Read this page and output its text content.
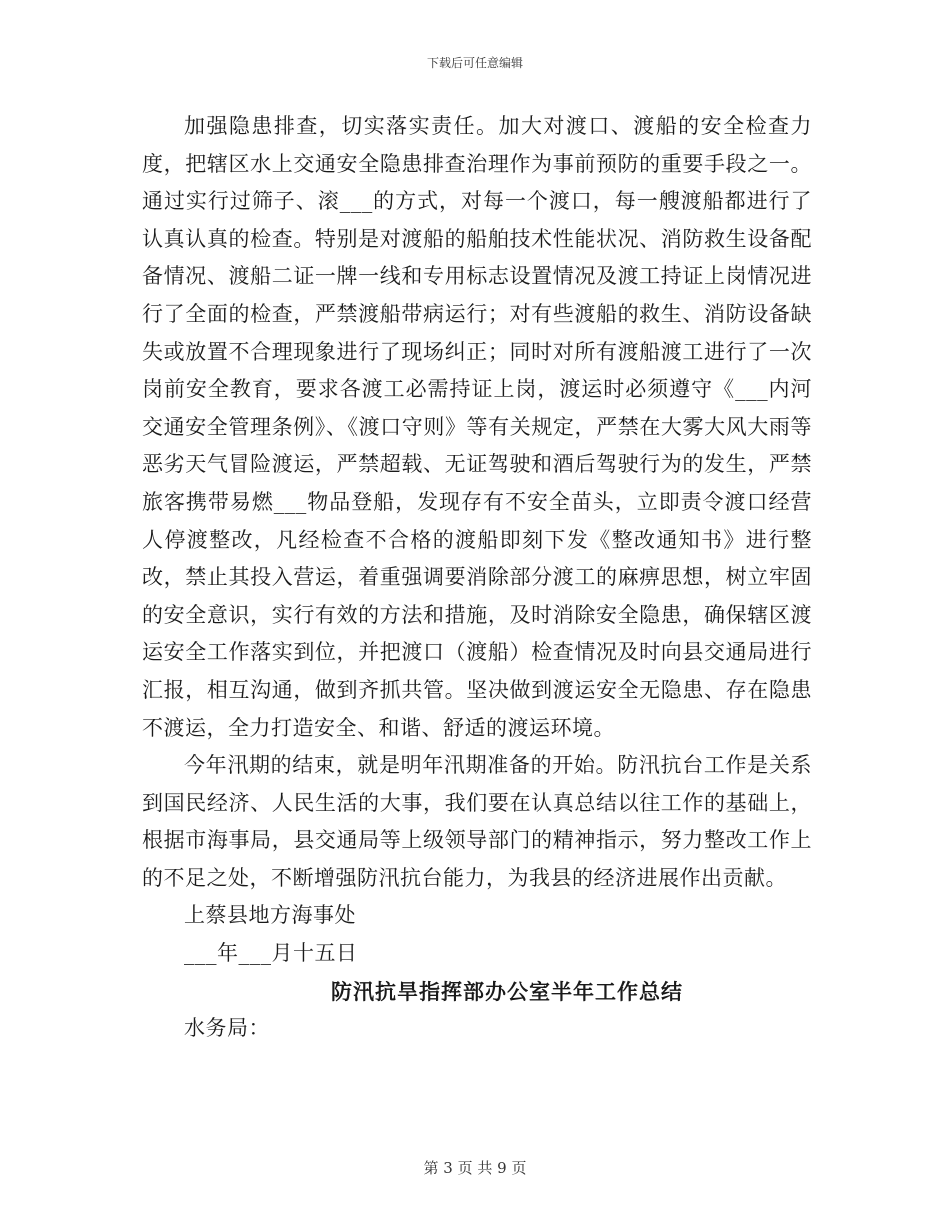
下载后可任意编辑

加强隐患排查，切实落实责任。加大对渡口、渡船的安全检查力度，把辖区水上交通安全隐患排查治理作为事前预防的重要手段之一。通过实行过筛子、滚___的方式，对每一个渡口，每一艘渡船都进行了认真认真的检查。特别是对渡船的船舶技术性能状况、消防救生设备配备情况、渡船二证一牌一线和专用标志设置情况及渡工持证上岗情况进行了全面的检查，严禁渡船带病运行；对有些渡船的救生、消防设备缺失或放置不合理现象进行了现场纠正；同时对所有渡船渡工进行了一次岗前安全教育，要求各渡工必需持证上岗，渡运时必须遵守《___内河交通安全管理条例》、《渡口守则》等有关规定，严禁在大雾大风大雨等恶劣天气冒险渡运，严禁超载、无证驾驶和酒后驾驶行为的发生，严禁旅客携带易燃___物品登船，发现存有不安全苗头，立即责令渡口经营人停渡整改，凡经检查不合格的渡船即刻下发《整改通知书》进行整改，禁止其投入营运，着重强调要消除部分渡工的麻痹思想，树立牢固的安全意识，实行有效的方法和措施，及时消除安全隐患，确保辖区渡运安全工作落实到位，并把渡口（渡船）检查情况及时向县交通局进行汇报，相互沟通，做到齐抓共管。坚决做到渡运安全无隐患、存在隐患不渡运，全力打造安全、和谐、舒适的渡运环境。

今年汛期的结束，就是明年汛期准备的开始。防汛抗台工作是关系到国民经济、人民生活的大事，我们要在认真总结以往工作的基础上，根据市海事局，县交通局等上级领导部门的精神指示，努力整改工作上的不足之处，不断增强防汛抗台能力，为我县的经济进展作出贡献。

上蔡县地方海事处

___年___月十五日

防汛抗旱指挥部办公室半年工作总结

水务局：

第 3 页 共 9 页
